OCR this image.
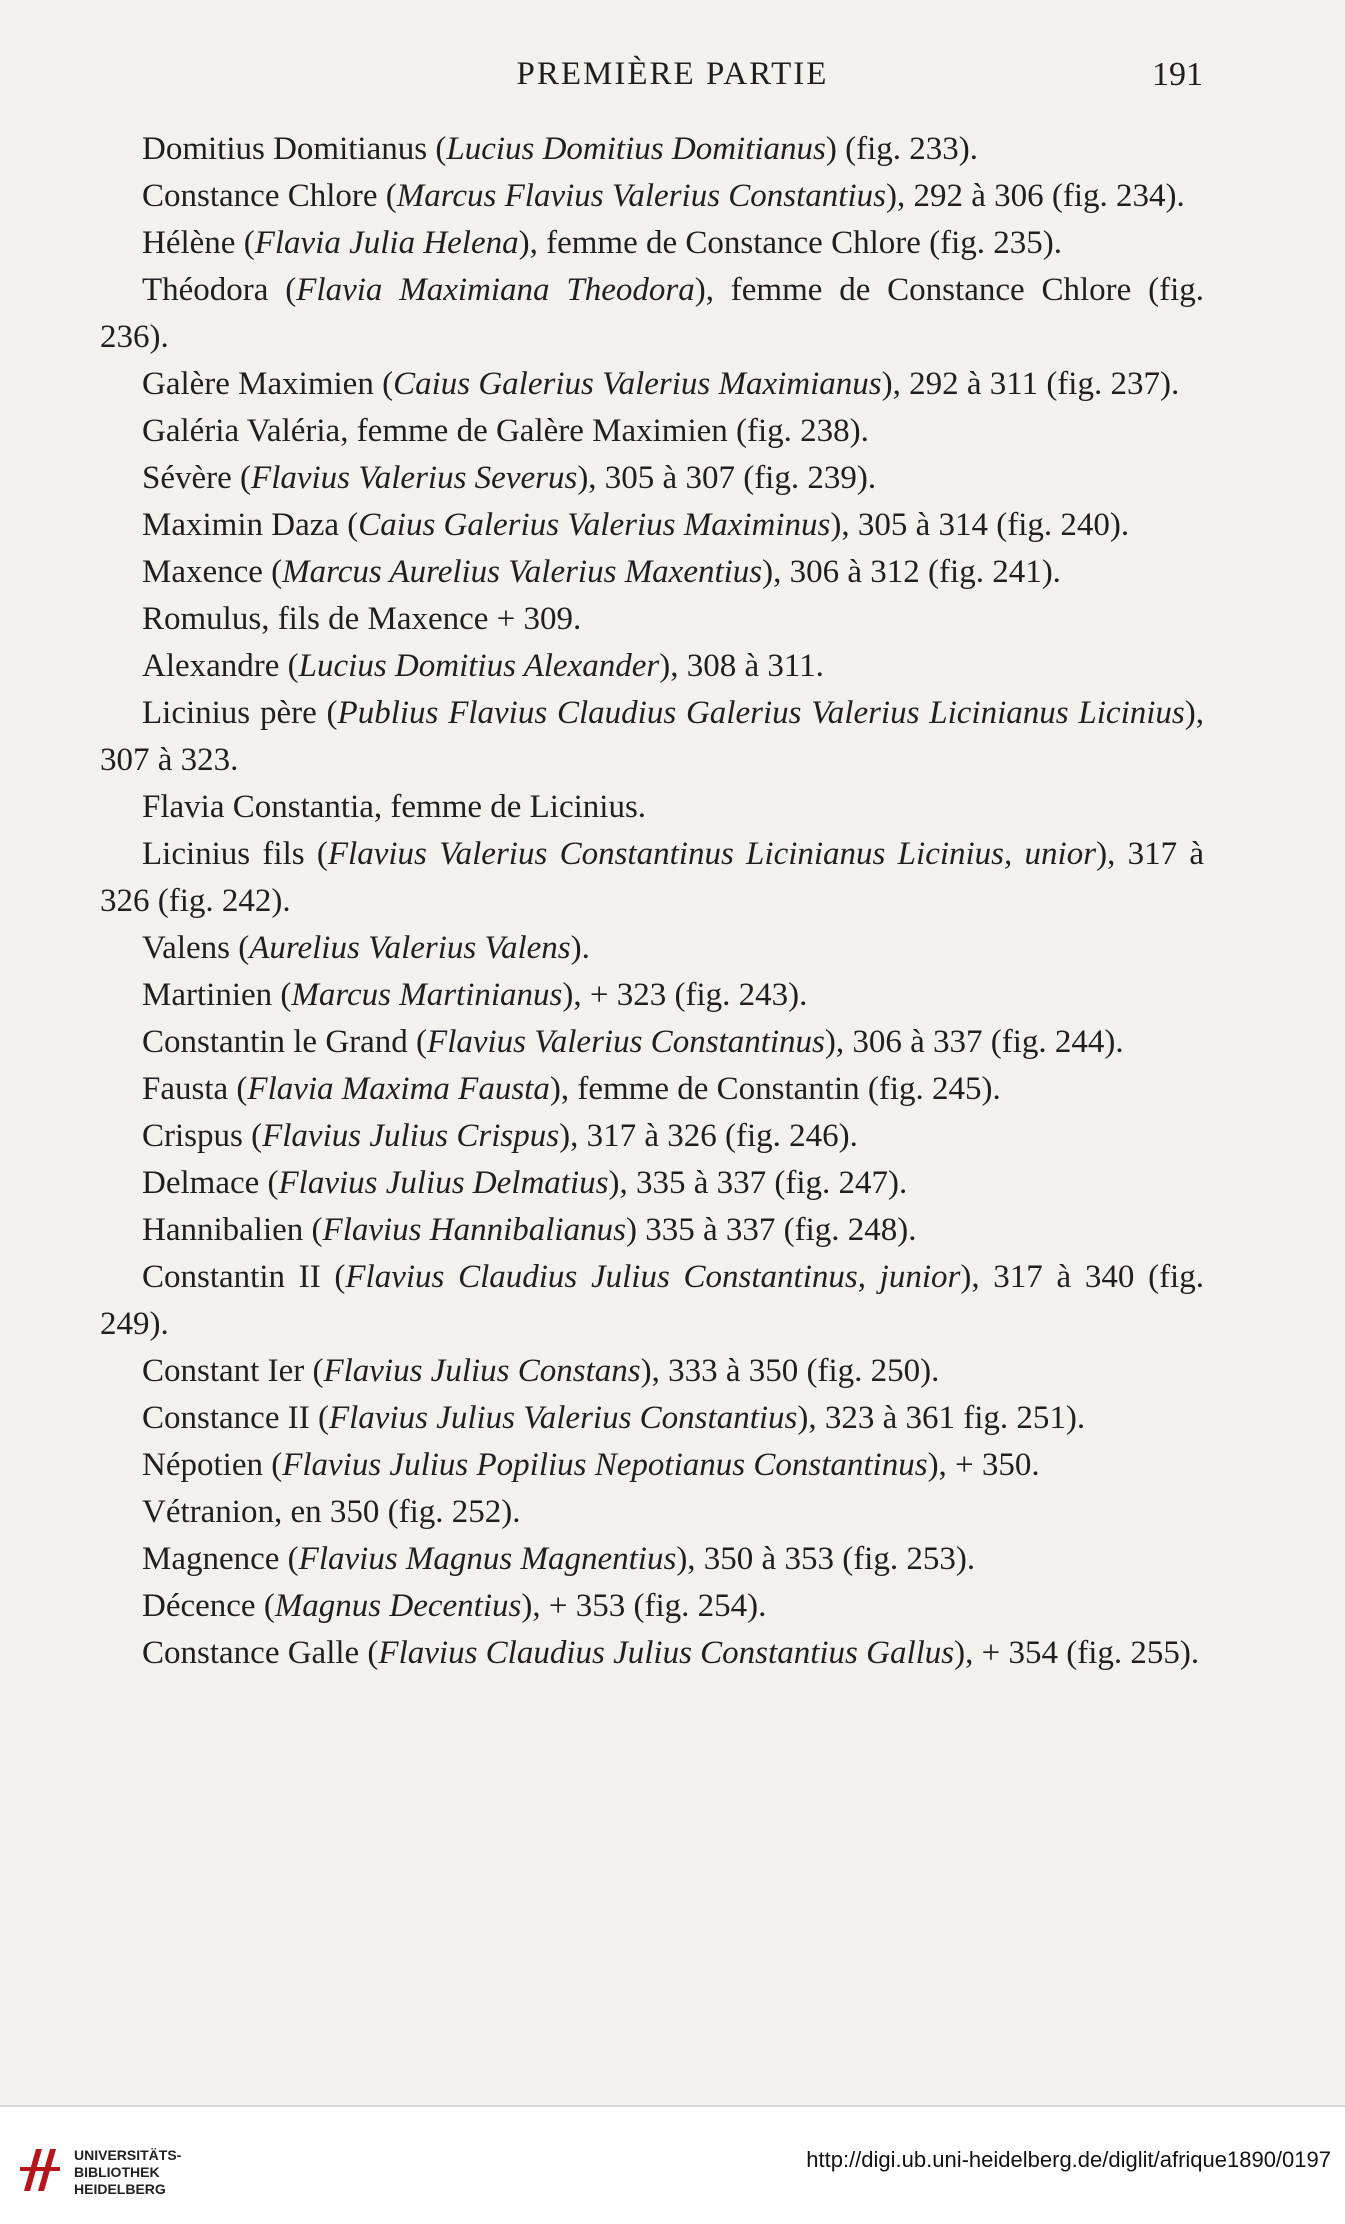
PREMIÈRE PARTIE	191
Domitius Domitianus (Lucius Domitius Domitianus) (fig. 233).
Constance Chlore (Marcus Flavius Valerius Constantius), 292 à 306 (fig. 234).
Hélène (Flavia Julia Helena), femme de Constance Chlore (fig. 235).
Théodora (Flavia Maximiana Theodora), femme de Constance Chlore (fig. 236).
Galère Maximien (Caius Galerius Valerius Maximianus), 292 à 311 (fig. 237).
Galéria Valéria, femme de Galère Maximien (fig. 238).
Sévère (Flavius Valerius Severus), 305 à 307 (fig. 239).
Maximin Daza (Caius Galerius Valerius Maximinus), 305 à 314 (fig. 240).
Maxence (Marcus Aurelius Valerius Maxentius), 306 à 312 (fig. 241).
Romulus, fils de Maxence + 309.
Alexandre (Lucius Domitius Alexander), 308 à 311.
Licinius père (Publius Flavius Claudius Galerius Valerius Licinianus Licinius), 307 à 323.
Flavia Constantia, femme de Licinius.
Licinius fils (Flavius Valerius Constantinus Licinianus Licinius, unior), 317 à 326 (fig. 242).
Valens (Aurelius Valerius Valens).
Martinien (Marcus Martinianus), + 323 (fig. 243).
Constantin le Grand (Flavius Valerius Constantinus), 306 à 337 (fig. 244).
Fausta (Flavia Maxima Fausta), femme de Constantin (fig. 245).
Crispus (Flavius Julius Crispus), 317 à 326 (fig. 246).
Delmace (Flavius Julius Delmatius), 335 à 337 (fig. 247).
Hannibalien (Flavius Hannibalianus) 335 à 337 (fig. 248).
Constantin II (Flavius Claudius Julius Constantinus, junior), 317 à 340 (fig. 249).
Constant Ier (Flavius Julius Constans), 333 à 350 (fig. 250).
Constance II (Flavius Julius Valerius Constantius), 323 à 361 fig. 251).
Népotien (Flavius Julius Popilius Nepotianus Constantinus), + 350.
Vétranion, en 350 (fig. 252).
Magnence (Flavius Magnus Magnentius), 350 à 353 (fig. 253).
Décence (Magnus Decentius), + 353 (fig. 254).
Constance Galle (Flavius Claudius Julius Constantius Gallus), + 354 (fig. 255).
UNIVERSITÄTS-
BIBLIOTHEK
HEIDELBERG
http://digi.ub.uni-heidelberg.de/diglit/afrique1890/0197
